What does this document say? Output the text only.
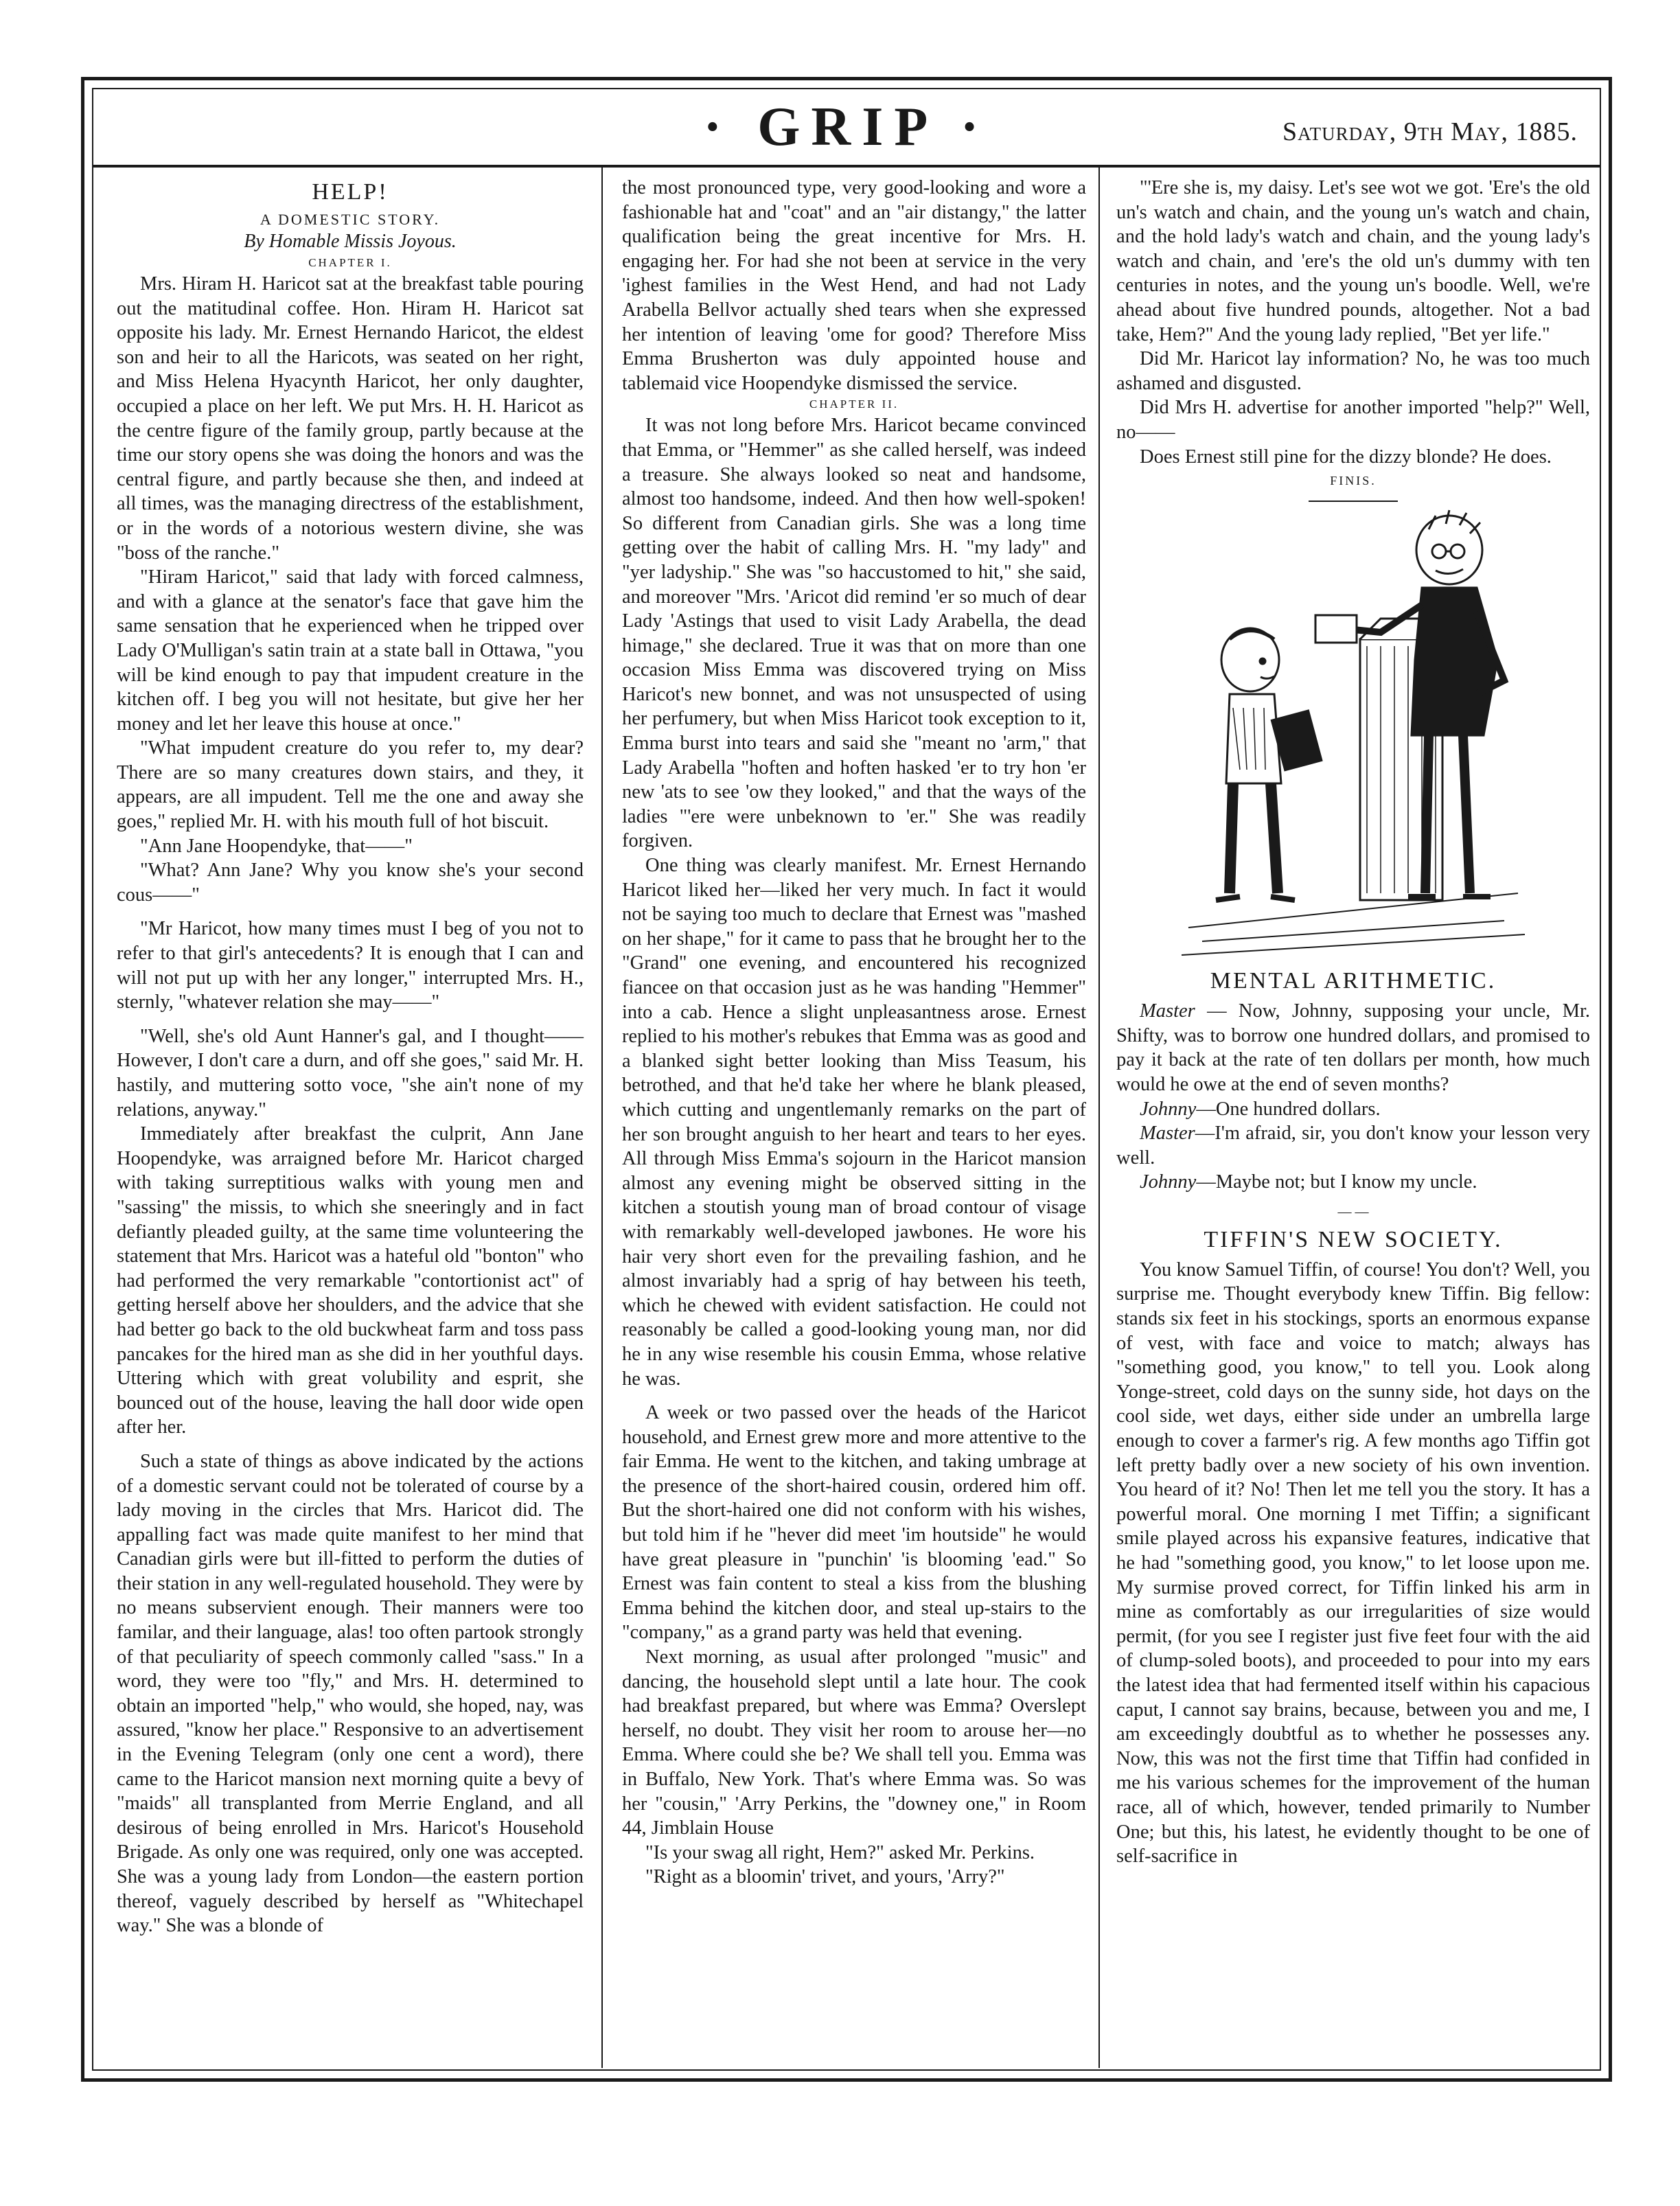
· GRIP ·	Saturday, 9th May, 1885.
HELP!
A DOMESTIC STORY.
By Homable Missis Joyous.
CHAPTER I.

Mrs. Hiram H. Haricot sat at the breakfast table pouring out the matitudinal coffee. Hon. Hiram H. Haricot sat opposite his lady. Mr. Ernest Hernando Haricot, the eldest son and heir to all the Haricots, was seated on her right, and Miss Helena Hyacynth Haricot, her only daughter, occupied a place on her left. We put Mrs. H. H. Haricot as the centre figure of the family group, partly because at the time our story opens she was doing the honors and was the central figure, and partly because she then, and indeed at all times, was the managing directress of the establishment, or in the words of a notorious western divine, she was "boss of the ranche."

"Hiram Haricot," said that lady with forced calmness, and with a glance at the senator's face that gave him the same sensation that he experienced when he tripped over Lady O'Mulligan's satin train at a state ball in Ottawa, "you will be kind enough to pay that impudent creature in the kitchen off. I beg you will not hesitate, but give her her money and let her leave this house at once."

"What impudent creature do you refer to, my dear? There are so many creatures down stairs, and they, it appears, are all impudent. Tell me the one and away she goes," replied Mr. H. with his mouth full of hot biscuit.

"Ann Jane Hoopendyke, that——"

"What? Ann Jane? Why you know she's your second cous——"

"Mr Haricot, how many times must I beg of you not to refer to that girl's antecedents? It is enough that I can and will not put up with her any longer," interrupted Mrs. H., sternly, "whatever relation she may——"

"Well, she's old Aunt Hanner's gal, and I thought——However, I don't care a durn, and off she goes," said Mr. H. hastily, and muttering sotto voce, "she ain't none of my relations, anyway."

Immediately after breakfast the culprit, Ann Jane Hoopendyke, was arraigned before Mr. Haricot charged with taking surreptitious walks with young men and "sassing" the missis, to which she sneeringly and in fact defiantly pleaded guilty, at the same time volunteering the statement that Mrs. Haricot was a hateful old "bonton" who had performed the very remarkable "contortionist act" of getting herself above her shoulders, and the advice that she had better go back to the old buckwheat farm and toss pass pancakes for the hired man as she did in her youthful days. Uttering which with great volubility and esprit, she bounced out of the house, leaving the hall door wide open after her.

Such a state of things as above indicated by the actions of a domestic servant could not be tolerated of course by a lady moving in the circles that Mrs. Haricot did. The appalling fact was made quite manifest to her mind that Canadian girls were but ill-fitted to perform the duties of their station in any well-regulated household. They were by no means subservient enough. Their manners were too familar, and their language, alas! too often partook strongly of that peculiarity of speech commonly called "sass." In a word, they were too "fly," and Mrs. H. determined to obtain an imported "help," who would, she hoped, nay, was assured, "know her place." Responsive to an advertisement in the Evening Telegram (only one cent a word), there came to the Haricot mansion next morning quite a bevy of "maids" all transplanted from Merrie England, and all desirous of being enrolled in Mrs. Haricot's Household Brigade. As only one was required, only one was accepted. She was a young lady from London—the eastern portion thereof, vaguely described by herself as "Whitechapel way." She was a blonde of

the most pronounced type, very good-looking and wore a fashionable hat and "coat" and an "air distangy," the latter qualification being the great incentive for Mrs. H. engaging her. For had she not been at service in the very 'ighest families in the West Hend, and had not Lady Arabella Bellvor actually shed tears when she expressed her intention of leaving 'ome for good? Therefore Miss Emma Brusherton was duly appointed house and tablemaid vice Hoopendyke dismissed the service.

CHAPTER II.

It was not long before Mrs. Haricot became convinced that Emma, or "Hemmer" as she called herself, was indeed a treasure. She always looked so neat and handsome, almost too handsome, indeed. And then how well-spoken! So different from Canadian girls. She was a long time getting over the habit of calling Mrs. H. "my lady" and "yer ladyship." She was "so haccustomed to hit," she said, and moreover "Mrs. 'Aricot did remind 'er so much of dear Lady 'Astings that used to visit Lady Arabella, the dead himage," she declared. True it was that on more than one occasion Miss Emma was discovered trying on Miss Haricot's new bonnet, and was not unsuspected of using her perfumery, but when Miss Haricot took exception to it, Emma burst into tears and said she "meant no 'arm," that Lady Arabella "hoften and hoften hasked 'er to try hon 'er new 'ats to see 'ow they looked," and that the ways of the ladies "'ere were unbeknown to 'er." She was readily forgiven.

One thing was clearly manifest. Mr. Ernest Hernando Haricot liked her—liked her very much. In fact it would not be saying too much to declare that Ernest was "mashed on her shape," for it came to pass that he brought her to the "Grand" one evening, and encountered his recognized fiancee on that occasion just as he was handing "Hemmer" into a cab. Hence a slight unpleasantness arose. Ernest replied to his mother's rebukes that Emma was as good and a blanked sight better looking than Miss Teasum, his betrothed, and that he'd take her where he blank pleased, which cutting and ungentlemanly remarks on the part of her son brought anguish to her heart and tears to her eyes. All through Miss Emma's sojourn in the Haricot mansion almost any evening might be observed sitting in the kitchen a stoutish young man of broad contour of visage with remarkably well-developed jawbones. He wore his hair very short even for the prevailing fashion, and he almost invariably had a sprig of hay between his teeth, which he chewed with evident satisfaction. He could not reasonably be called a good-looking young man, nor did he in any wise resemble his cousin Emma, whose relative he was.

A week or two passed over the heads of the Haricot household, and Ernest grew more and more attentive to the fair Emma. He went to the kitchen, and taking umbrage at the presence of the short-haired cousin, ordered him off. But the short-haired one did not conform with his wishes, but told him if he "hever did meet 'im houtside" he would have great pleasure in "punchin' 'is blooming 'ead." So Ernest was fain content to steal a kiss from the blushing Emma behind the kitchen door, and steal up-stairs to the "company," as a grand party was held that evening.

Next morning, as usual after prolonged "music" and dancing, the household slept until a late hour. The cook had breakfast prepared, but where was Emma? Overslept herself, no doubt. They visit her room to arouse her—no Emma. Where could she be? We shall tell you. Emma was in Buffalo, New York. That's where Emma was. So was her "cousin," 'Arry Perkins, the "downey one," in Room 44, Jimblain House

"Is your swag all right, Hem?" asked Mr. Perkins.

"Right as a bloomin' trivet, and yours, 'Arry?"

"'Ere she is, my daisy. Let's see wot we got. 'Ere's the old un's watch and chain, and the young un's watch and chain, and the hold lady's watch and chain, and the young lady's watch and chain, and 'ere's the old un's dummy with ten centuries in notes, and the young un's boodle. Well, we're ahead about five hundred pounds, altogether. Not a bad take, Hem?" And the young lady replied, "Bet yer life."

Did Mr. Haricot lay information? No, he was too much ashamed and disgusted.

Did Mrs H. advertise for another imported "help?" Well, no——

Does Ernest still pine for the dizzy blonde? He does.

FINIS.
MENTAL ARITHMETIC.

Master — Now, Johnny, supposing your uncle, Mr. Shifty, was to borrow one hundred dollars, and promised to pay it back at the rate of ten dollars per month, how much would he owe at the end of seven months?

Johnny—One hundred dollars.

Master—I'm afraid, sir, you don't know your lesson very well.

Johnny—Maybe not; but I know my uncle.

— —
TIFFIN'S NEW SOCIETY.

You know Samuel Tiffin, of course! You don't? Well, you surprise me. Thought everybody knew Tiffin. Big fellow: stands six feet in his stockings, sports an enormous expanse of vest, with face and voice to match; always has "something good, you know," to tell you. Look along Yonge-street, cold days on the sunny side, hot days on the cool side, wet days, either side under an umbrella large enough to cover a farmer's rig. A few months ago Tiffin got left pretty badly over a new society of his own invention. You heard of it? No! Then let me tell you the story. It has a powerful moral. One morning I met Tiffin; a significant smile played across his expansive features, indicative that he had "something good, you know," to let loose upon me. My surmise proved correct, for Tiffin linked his arm in mine as comfortably as our irregularities of size would permit, (for you see I register just five feet four with the aid of clump-soled boots), and proceeded to pour into my ears the latest idea that had fermented itself within his capacious caput, I cannot say brains, because, between you and me, I am exceedingly doubtful as to whether he possesses any. Now, this was not the first time that Tiffin had confided in me his various schemes for the improvement of the human race, all of which, however, tended primarily to Number One; but this, his latest, he evidently thought to be one of self-sacrifice in
